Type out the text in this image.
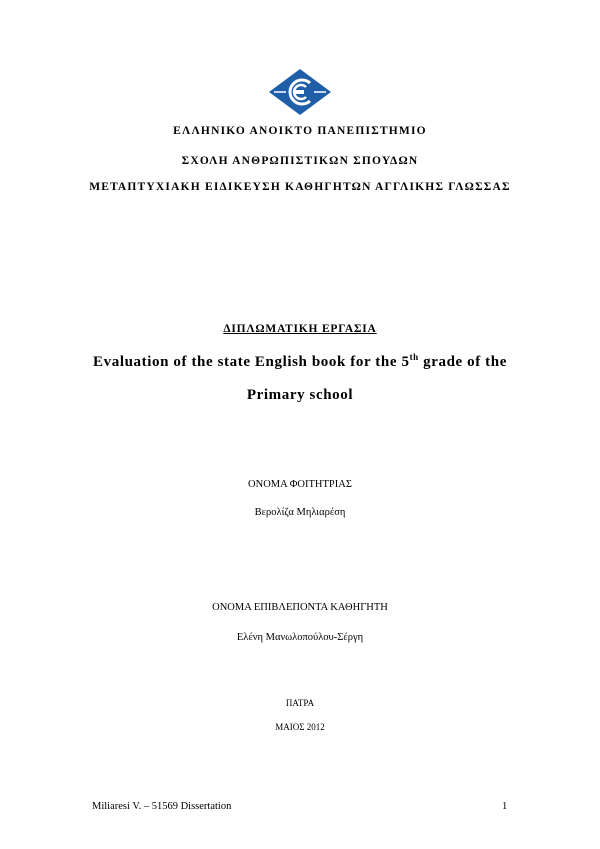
ΕΛΛΗΝΙΚΟ ΑΝΟΙΚΤΟ ΠΑΝΕΠΙΣΤΗΜΙΟ
ΣΧΟΛΗ ΑΝΘΡΩΠΙΣΤΙΚΩΝ ΣΠΟΥΔΩΝ
ΜΕΤΑΠΤΥΧΙΑΚΗ ΕΙΔΙΚΕΥΣΗ ΚΑΘΗΓΗΤΩΝ ΑΓΓΛΙΚΗΣ ΓΛΩΣΣΑΣ
ΔΙΠΛΩΜΑΤΙΚΗ ΕΡΓΑΣΙΑ
Evaluation of the state English book for the 5th grade of the
Primary school
ΟΝΟΜΑ ΦΟΙΤΗΤΡΙΑΣ
Βερολίζα Μηλιαρέση
ΟΝΟΜΑ ΕΠΙΒΛΕΠΟΝΤΑ ΚΑΘΗΓΗΤΗ
Ελένη Μανωλοπούλου-Σέργη
ΠΑΤΡΑ
ΜΑΙΟΣ 2012
Miliaresi V. – 51569 Dissertation	1
